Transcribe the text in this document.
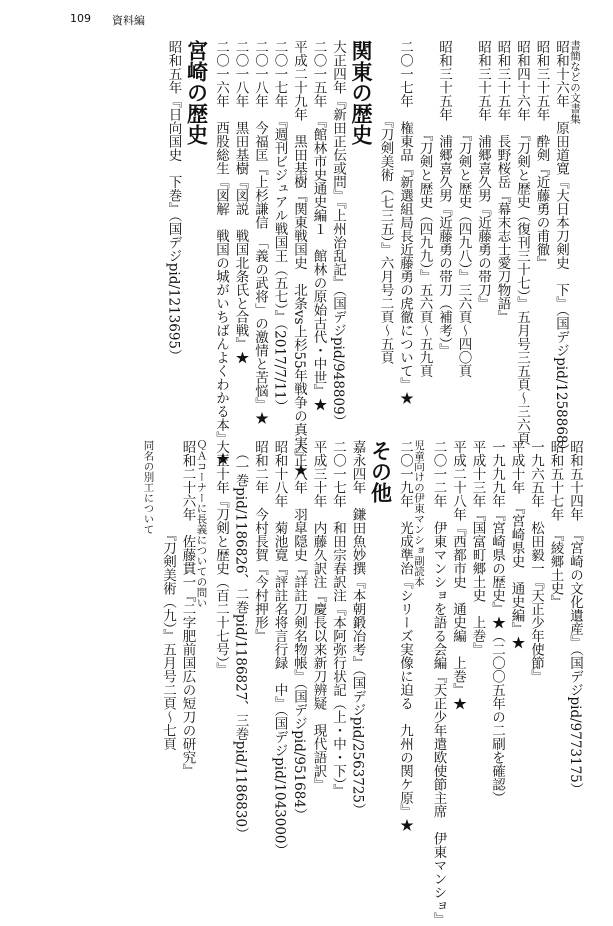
109 資料編
書簡などの文書集
昭和十六年　原田道寛『大日本刀剣史　下』（国デジpid/1258868）
昭和三十五年　酔剣『近藤勇の甫徹』
昭和四十六年　『刀剣と歴史（復刊三十七）』五月号三五頁〜三六頁
昭和三十五年　長野桜岳『幕末志士愛刀物語』
昭和三十五年　浦郷喜久男『近藤勇の帯刀』
　　　　　　　『刀剣と歴史（四九八）』三六頁〜四〇頁
昭和三十五年　浦郷喜久男『近藤勇の帯刀（補考）』
　　　　　　　『刀剣と歴史（四九九）』五六頁〜五九頁
二〇一七年　権東品『新選組局長近藤勇の虎徹について』★
　　　　　　『刀剣美術（七三五）』六月号二頁〜五頁
関東の歴史
大正四年『新田正伝或問』『上州治乱記』（国デジpid/948809）
二〇一五年　『館林市史通史編１　館林の原始古代・中世』★
平成二十九年　黒田基樹『関東戦国史　北条vs上杉55年戦争の真実』★
二〇一七年　『週刊ビジュアル戦国王（五七）』（2017/7/11）
二〇一八年　今福匡『上杉謙信　「義の武将」の激情と苦悩』★
二〇一八年　黒田基樹『図説　戦国北条氏と合戦』★
二〇一六年　西股総生『図解　戦国の城がいちばんよくわかる本』　★
宮崎の歴史
昭和五年『日向国史　下巻』（国デジpid/1213695）
昭和五十四年　『宮崎の文化遺産』（国デジpid/9773175）
昭和五十七年　『綾郷土史』
一九六五年　松田毅一『天正少年使節』
平成十年　『宮崎県史　通史編』★
一九九九年『宮崎県の歴史』★（二〇〇五年の二刷を確認）
平成十三年『国富町郷土史　上巻』
平成二十八年『西都市史　通史編　上巻』★
二〇一二年　伊東マンショを語る会編『天正少年遣欧使節主席　伊東マンショ』
児童向けの伊東マンショ副読本
二〇一九年　光成準治『シリーズ実像に迫る　九州の関ケ原』★
その他
嘉永四年　鎌田魚妙撰『本朝鍛冶考』（国デジpid/2563725）
二〇一七年　和田宗春訳注『本阿弥行状記（上・中・下）』
平成三十年　内藤久訳注『慶長以来新刀辨疑　現代語訳』
大正八年　羽皐隠史『詳註刀剣名物帳』（国デジpid/951684）
昭和十八年　菊池寛『評註名将言行録　中』（国デジpid/1043000）
昭和二年　今村長賀『今村押形』
　（一巻pid/1186826、二巻pid/1186827、三巻pid/1186830）
大正十年『刀剣と歴史（百二十七号）』
ＱＡコーナーに長義についての問い
昭和二十六年　佐藤貫一『二字肥前国広の短刀の研究』
　　　　　　　『刀剣美術（九）』五月号二頁〜七頁
同名の別工について
